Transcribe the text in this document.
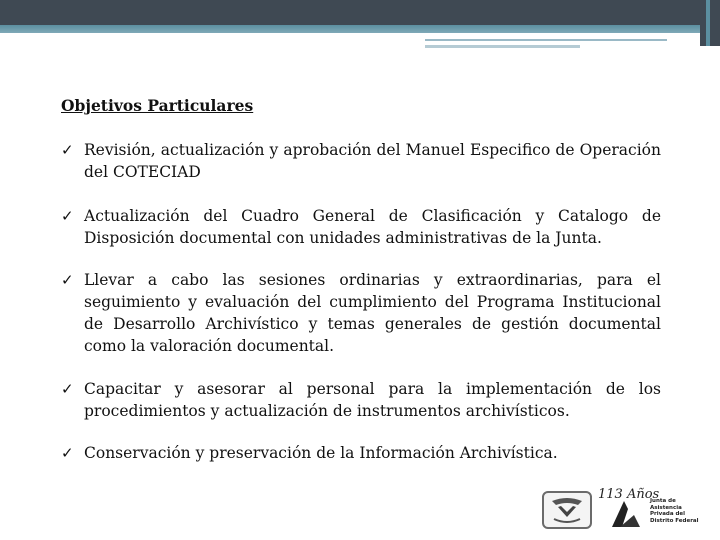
Objetivos Particulares
✓ Revisión, actualización y aprobación del Manuel Especifico de Operación del COTECIAD
✓ Actualización del Cuadro General de Clasificación y Catalogo de Disposición documental con unidades administrativas de la Junta.
✓ Llevar a cabo las sesiones ordinarias y extraordinarias, para el seguimiento y evaluación del cumplimiento del Programa Institucional de Desarrollo Archivístico y temas generales de gestión documental como la valoración documental.
✓ Capacitar y asesorar al personal para la implementación de los procedimientos y actualización de instrumentos archivísticos.
✓ Conservación y preservación de la Información Archivística.
113 Años
Junta de
Asistencia
Privada del
Distrito Federal
